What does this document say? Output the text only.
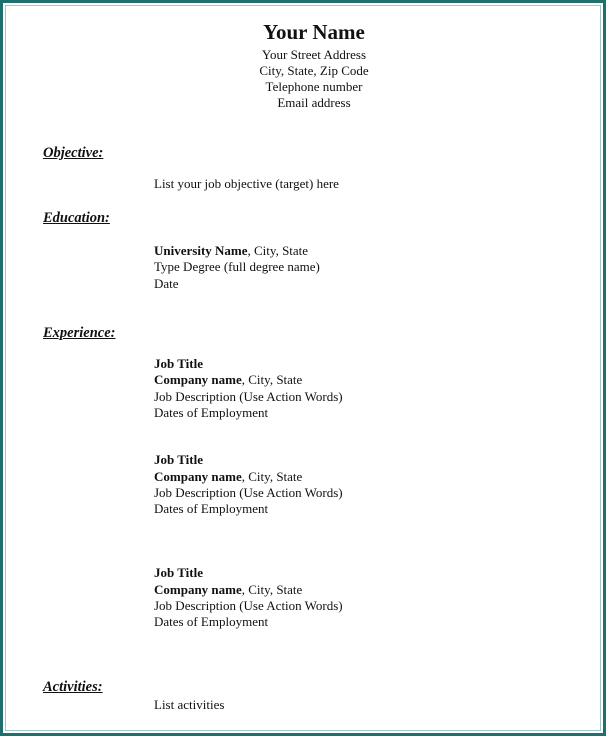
Your Name
Your Street Address
City, State, Zip Code
Telephone number
Email address
Objective:
List your job objective (target) here
Education:
University Name, City, State
Type Degree (full degree name)
Date
Experience:
Job Title
Company name, City, State
Job Description (Use Action Words)
Dates of Employment
Job Title
Company name, City, State
Job Description (Use Action Words)
Dates of Employment
Job Title
Company name, City, State
Job Description (Use Action Words)
Dates of Employment
Activities:
List activities
